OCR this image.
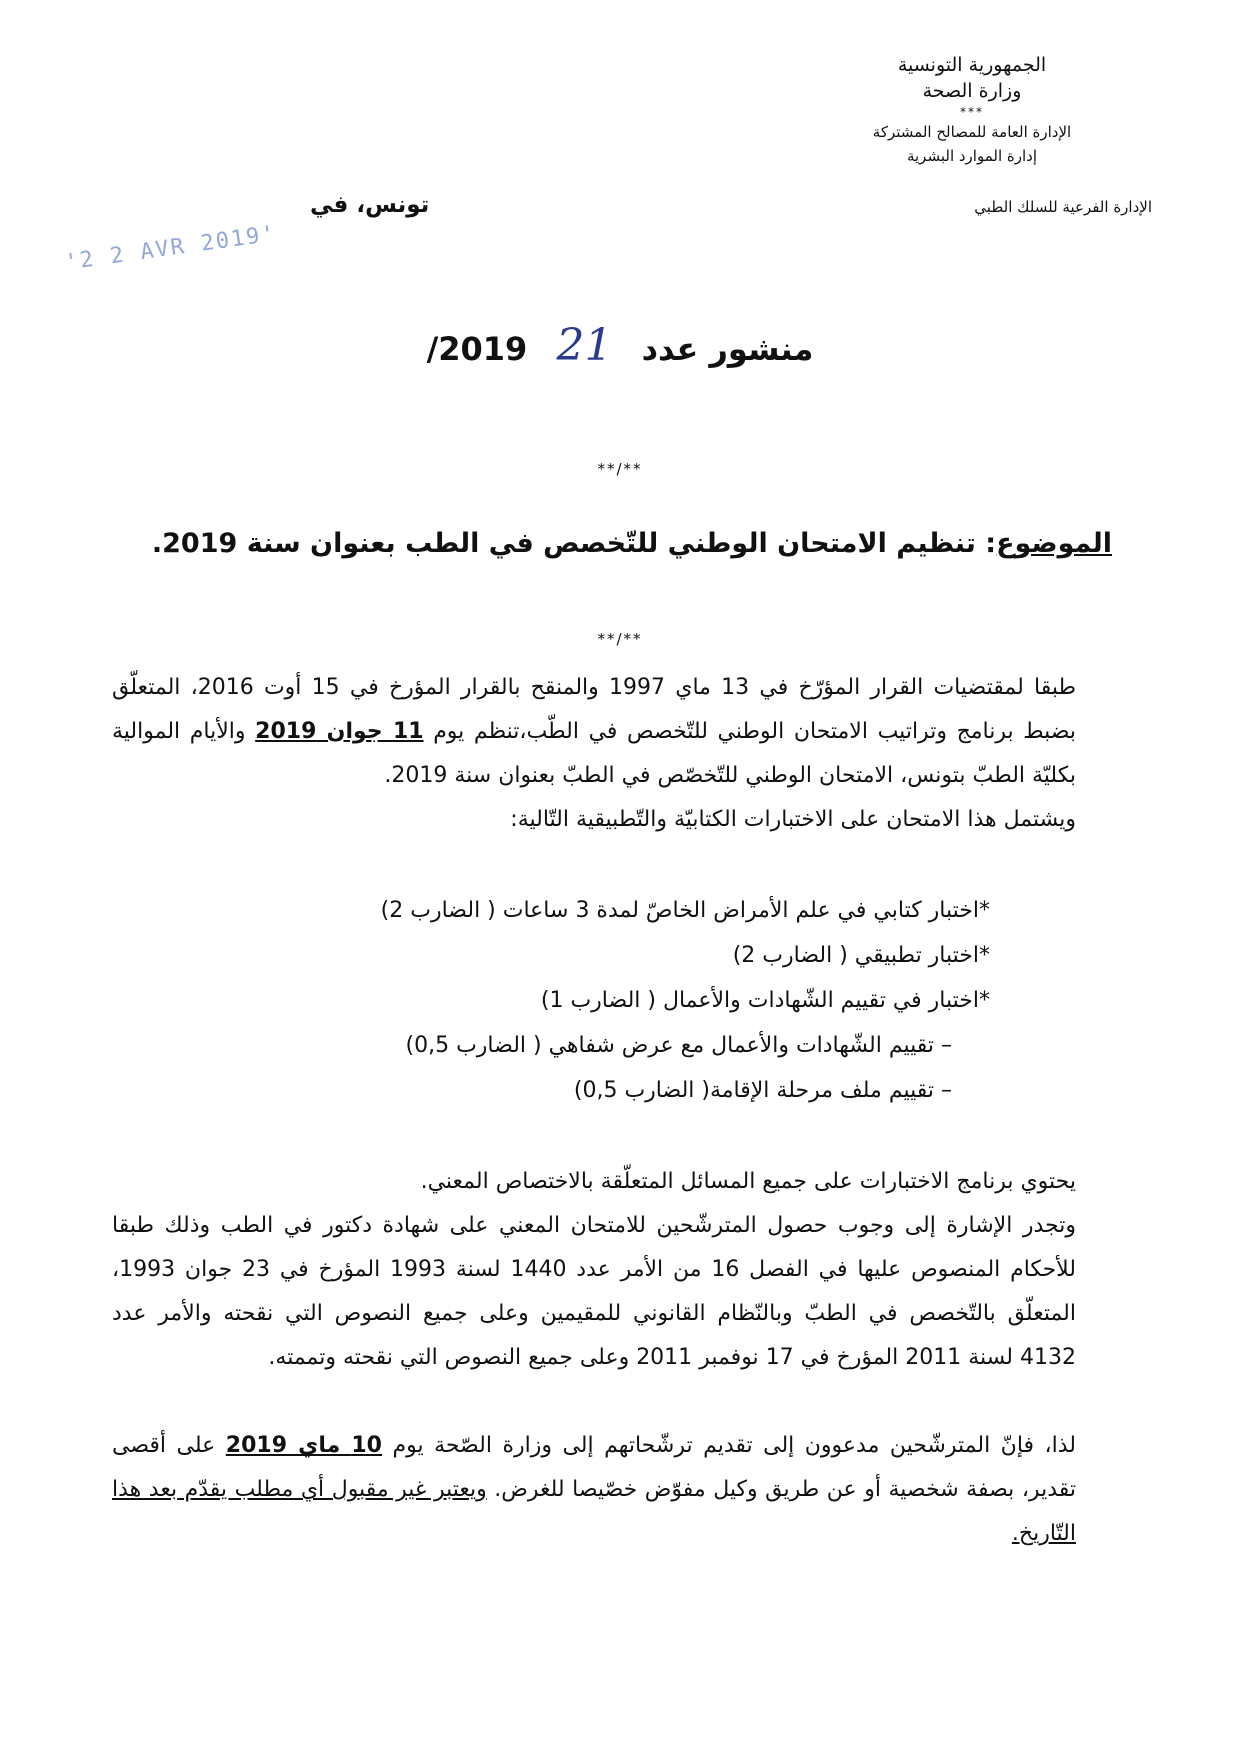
الجمهورية التونسية
وزارة الصحة
***
الإدارة العامة للمصالح المشتركة
إدارة الموارد البشرية
الإدارة الفرعية للسلك الطبي
تونس، في
'2 2 AVR 2019'
منشور عدد 21 2019/
**/**
الموضوع: تنظيم الامتحان الوطني للتّخصص في الطب بعنوان سنة 2019.
**/**

طبقا لمقتضيات القرار المؤرّخ في 13 ماي 1997 والمنقح بالقرار المؤرخ في 15 أوت 2016، المتعلّق بضبط برنامج وتراتيب الامتحان الوطني للتّخصص في الطّب،تنظم يوم 11 جوان 2019 والأيام الموالية بكليّة الطبّ بتونس، الامتحان الوطني للتّخصّص في الطبّ بعنوان سنة 2019.

ويشتمل هذا الامتحان على الاختبارات الكتابيّة والتّطبيقية التّالية:

*اختبار كتابي في علم الأمراض الخاصّ لمدة 3 ساعات ( الضارب 2)
*اختبار تطبيقي ( الضارب 2)
*اختبار في تقييم الشّهادات والأعمال ( الضارب 1)
– تقييم الشّهادات والأعمال مع عرض شفاهي ( الضارب 0,5)
– تقييم ملف مرحلة الإقامة( الضارب 0,5)

يحتوي برنامج الاختبارات على جميع المسائل المتعلّقة بالاختصاص المعني.

وتجدر الإشارة إلى وجوب حصول المترشّحين للامتحان المعني على شهادة دكتور في الطب وذلك طبقا للأحكام المنصوص عليها في الفصل 16 من الأمر عدد 1440 لسنة 1993 المؤرخ في 23 جوان 1993، المتعلّق بالتّخصص في الطبّ وبالنّظام القانوني للمقيمين وعلى جميع النصوص التي نقحته والأمر عدد 4132 لسنة 2011 المؤرخ في 17 نوفمبر 2011 وعلى جميع النصوص التي نقحته وتممته.

لذا، فإنّ المترشّحين مدعوون إلى تقديم ترشّحاتهم إلى وزارة الصّحة يوم 10 ماي 2019 على أقصى تقدير، بصفة شخصية أو عن طريق وكيل مفوّض خصّيصا للغرض. ويعتبر غير مقبول أي مطلب يقدّم بعد هذا التّاريخ.
